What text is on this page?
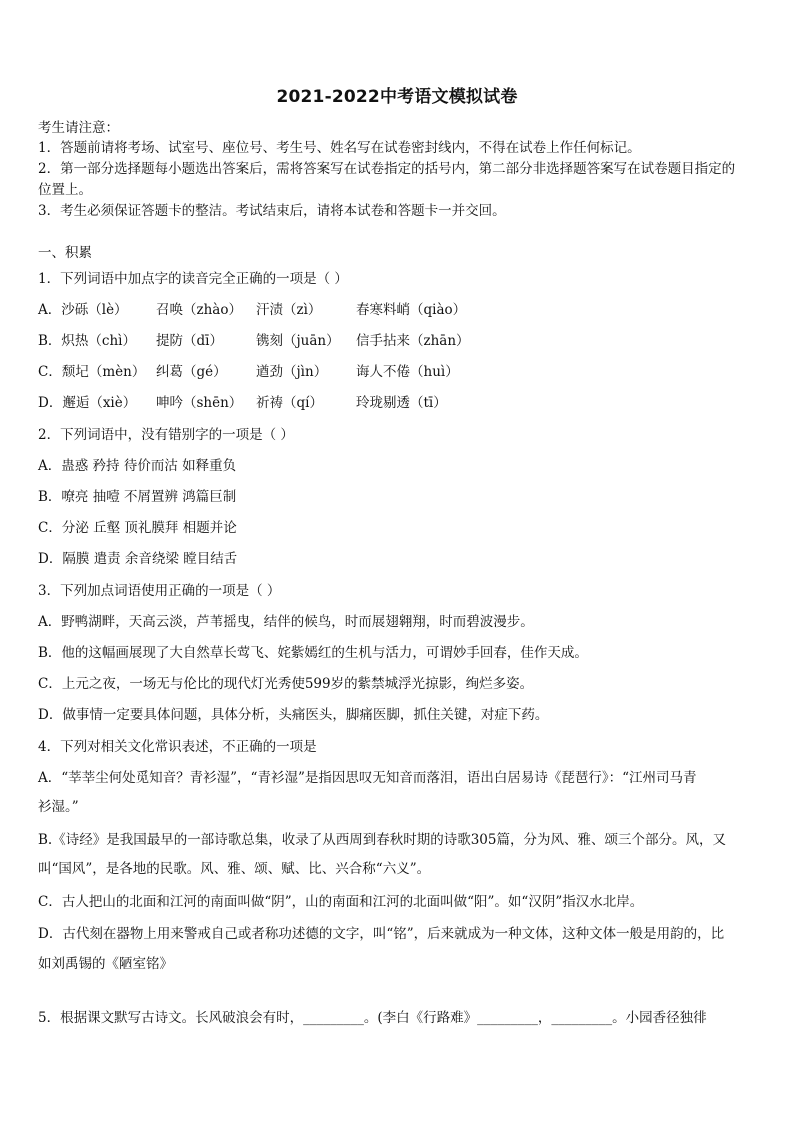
2021-2022中考语文模拟试卷
考生请注意：
1．答题前请将考场、试室号、座位号、考生号、姓名写在试卷密封线内，不得在试卷上作任何标记。
2．第一部分选择题每小题选出答案后，需将答案写在试卷指定的括号内，第二部分非选择题答案写在试卷题目指定的
位置上。
3．考生必须保证答题卡的整洁。考试结束后，请将本试卷和答题卡一并交回。
一、积累
1．下列词语中加点字的读音完全正确的一项是（ ）
A．沙砾（lè） 召唤（zhào） 汗渍（zì）	春寒料峭（qiào）
B．炽热（chì） 提防（dī） 镌刻（juān） 信手拈来（zhān）
C．颓圮（mèn） 纠葛（gé） 遒劲（jìn） 诲人不倦（huì）
D．邂逅（xiè） 呻吟（shēn） 祈祷（qí） 玲珑剔透（tī）
2．下列词语中，没有错别字的一项是（ ）
A．蛊惑 矜持 待价而沽 如释重负
B．嘹亮 抽噎 不屑置辨 鸿篇巨制
C．分泌 丘壑 顶礼膜拜 相题并论
D．隔膜 遣责 余音绕梁 瞠目结舌
3．下列加点词语使用正确的一项是（ ）
A．野鸭湖畔，天高云淡，芦苇摇曳，结伴的候鸟，时而展翅翱翔，时而碧波漫步。
B．他的这幅画展现了大自然草长莺飞、姹紫嫣红的生机与活力，可谓妙手回春，佳作天成。
C．上元之夜，一场无与伦比的现代灯光秀使599岁的紫禁城浮光掠影，绚烂多姿。
D．做事情一定要具体问题，具体分析，头痛医头，脚痛医脚，抓住关键，对症下药。
4．下列对相关文化常识表述，不正确的一项是
A．“莘莘尘何处觅知音？青衫湿”，“青衫湿”是指因思叹无知音而落泪，语出白居易诗《琵琶行》：“江州司马青
衫湿。”
B.《诗经》是我国最早的一部诗歌总集，收录了从西周到春秋时期的诗歌305篇，分为风、雅、颂三个部分。风，又
叫“国风”，是各地的民歌。风、雅、颂、赋、比、兴合称“六义”。
C．古人把山的北面和江河的南面叫做“阴”，山的南面和江河的北面叫做“阳”。如“汉阴”指汉水北岸。
D．古代刻在器物上用来警戒自己或者称功述德的文字，叫“铭”，后来就成为一种文体，这种文体一般是用韵的，比
如刘禹锡的《陋室铭》
5．根据课文默写古诗文。长风破浪会有时，_________。(李白《行路难》_________，_________。小园香径独徘
